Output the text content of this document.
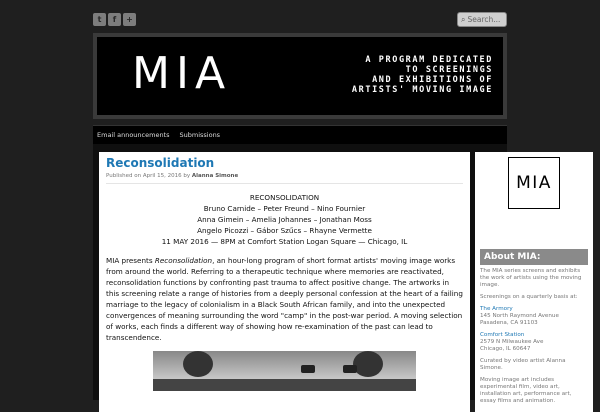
t	f	+	⌕
Search...
MIA	A PROGRAM DEDICATED
TO SCREENINGS
AND EXHIBITIONS OF
ARTISTS' MOVING IMAGE
Email announcements Submissions
Reconsolidation
Published on April 15, 2016 by Alanna Simone
RECONSOLIDATION
Bruno Carnide – Peter Freund – Nino Fournier
Anna Gimein – Amelia Johannes – Jonathan Moss
Angelo Picozzi – Gábor Szűcs – Rhayne Vermette
11 MAY 2016 — 8PM at Comfort Station Logan Square — Chicago, IL
MIA presents Reconsolidation, an hour-long program of short format artists' moving image works from around the world. Referring to a therapeutic technique where memories are reactivated, reconsolidation functions by confronting past trauma to affect positive change. The artworks in this screening relate a range of histories from a deeply personal confession at the heart of a failing marriage to the legacy of colonialism in a Black South African family, and into the unexpected convergences of meaning surrounding the word "camp" in the post-war period. A moving selection of works, each finds a different way of showing how re-examination of the past can lead to transcendence.
MIA
About MIA:
The MIA series screens and exhibits the work of artists using the moving image.
Screenings on a quarterly basis at:
The Armory
145 North Raymond Avenue
Pasadena, CA 91103
Comfort Station
2579 N Milwaukee Ave
Chicago, IL 60647
Curated by video artist Alanna Simone.
Moving image art includes experimental film, video art, installation art, performance art, essay films and animation.
